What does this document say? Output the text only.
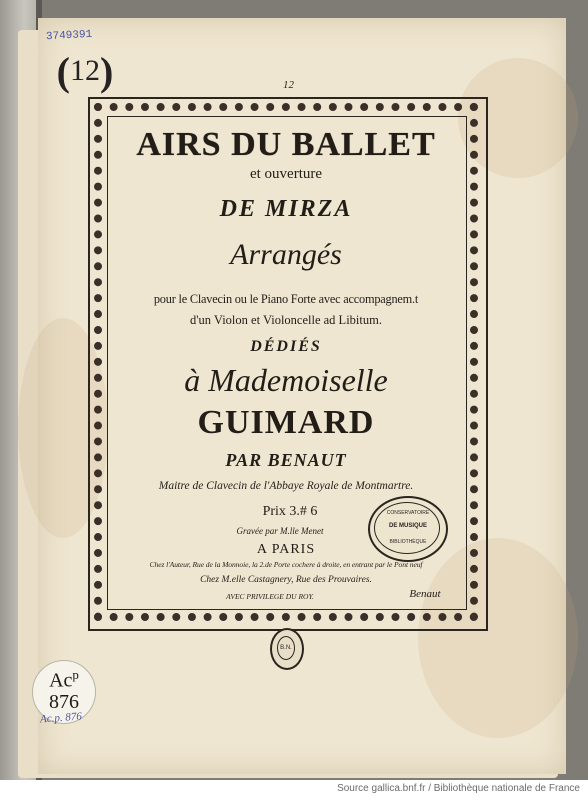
3749391
( 12 )	12
AIRS DU BALLET
et ouverture
DE MIRZA
Arrangés
pour le Clavecin ou le Piano Forte avec accompagnem.t
d'un Violon et Violoncelle ad Libitum.
DÉDIÉS
à Mademoiselle
GUIMARD
PAR BENAUT
Maitre de Clavecin de l'Abbaye Royale de Montmartre.
Prix 3.# 6
Gravée par M.lle Menet
CONSERVATOIRE
DE MUSIQUE
BIBLIOTHÈQUE
A PARIS
Chez l'Auteur, Rue de la Monnoie, la 2.de Porte cochere à droite, en entrant par le Pont neuf
Chez M.elle Castagnery, Rue des Prouvaires.
AVEC PRIVILEGE DU ROY.	Benaut
B.N.
Ac$^p$
876
Ac.p. 876
Source gallica.bnf.fr / Bibliothèque nationale de France
